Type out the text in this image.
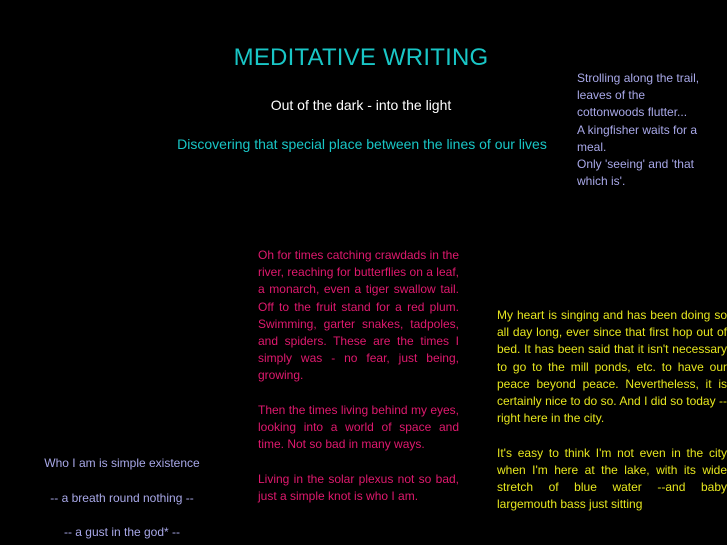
MEDITATIVE WRITING
Out of the dark - into the light
Discovering that special place between the lines of our lives
Strolling along the trail,
leaves of the
cottonwoods flutter...
A kingfisher waits for a meal.
Only 'seeing' and 'that which is'.

Oh for times catching crawdads in the river, reaching for butterflies on a leaf, a monarch, even a tiger swallow tail. Off to the fruit stand for a red plum. Swimming, garter snakes, tadpoles, and spiders. These are the times I simply was - no fear, just being, growing.

Then the times living behind my eyes, looking into a world of space and time. Not so bad in many ways.

Living in the solar plexus not so bad, just a simple knot is who I am.

My heart is singing and has been doing so all day long, ever since that first hop out of bed. It has been said that it isn't necessary to go to the mill ponds, etc. to have our peace beyond peace. Nevertheless, it is certainly nice to do so. And I did so today -- right here in the city.

It's easy to think I'm not even in the city when I'm here at the lake, with its wide stretch of blue water --and baby largemouth bass just sitting

Who I am is simple existence
-- a breath round nothing --
-- a gust in the god* --
